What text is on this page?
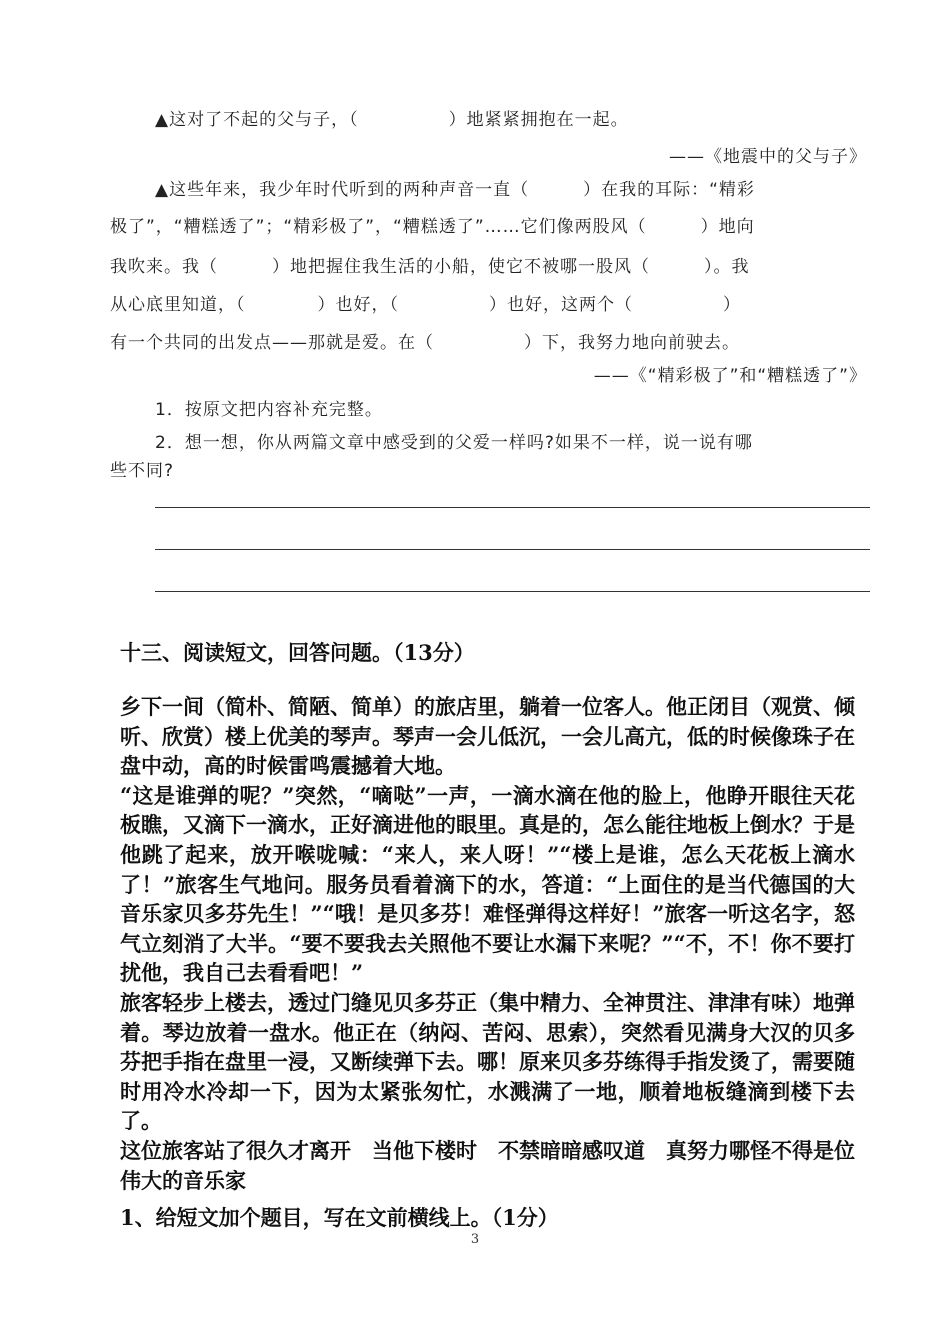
▲这对了不起的父与子，（　　　　　）地紧紧拥抱在一起。

——《地震中的父与子》

▲这些年来，我少年时代听到的两种声音一直（　　　）在我的耳际：“精彩

极了”，“糟糕透了”；“精彩极了”，“糟糕透了”……它们像两股风（　　　）地向

我吹来。我（　　　）地把握住我生活的小船，使它不被哪一股风（　　　）。我

从心底里知道，（　　　　）也好，（　　　　　）也好，这两个（　　　　　）

有一个共同的出发点——那就是爱。在（　　　　　）下，我努力地向前驶去。

——《“精彩极了”和“糟糕透了”》

1．按原文把内容补充完整。

2．想一想，你从两篇文章中感受到的父爱一样吗?如果不一样，说一说有哪

些不同?

十三、阅读短文，回答问题。（13分）

乡下一间（简朴、简陋、简单）的旅店里，躺着一位客人。他正闭目（观赏、倾听、欣赏）楼上优美的琴声。琴声一会儿低沉，一会儿高亢，低的时候像珠子在盘中动，高的时候雷鸣震撼着大地。

“这是谁弹的呢？”突然，“嘀哒”一声，一滴水滴在他的脸上，他睁开眼往天花板瞧，又滴下一滴水，正好滴进他的眼里。真是的，怎么能往地板上倒水？于是他跳了起来，放开喉咙喊：“来人，来人呀！”“楼上是谁，怎么天花板上滴水了！”旅客生气地问。服务员看着滴下的水，答道：“上面住的是当代德国的大音乐家贝多芬先生！”“哦！是贝多芬！难怪弹得这样好！”旅客一听这名字，怒气立刻消了大半。“要不要我去关照他不要让水漏下来呢？”“不，不！你不要打扰他，我自己去看看吧！”

旅客轻步上楼去，透过门缝见贝多芬正（集中精力、全神贯注、津津有味）地弹着。琴边放着一盘水。他正在（纳闷、苦闷、思索），突然看见满身大汉的贝多芬把手指在盘里一浸，又断续弹下去。哪！原来贝多芬练得手指发烫了，需要随时用冷水冷却一下，因为太紧张匆忙，水溅满了一地，顺着地板缝滴到楼下去了。

这位旅客站了很久才离开　当他下楼时　不禁暗暗感叹道　真努力哪怪不得是位伟大的音乐家

1、给短文加个题目，写在文前横线上。（1分）
3
